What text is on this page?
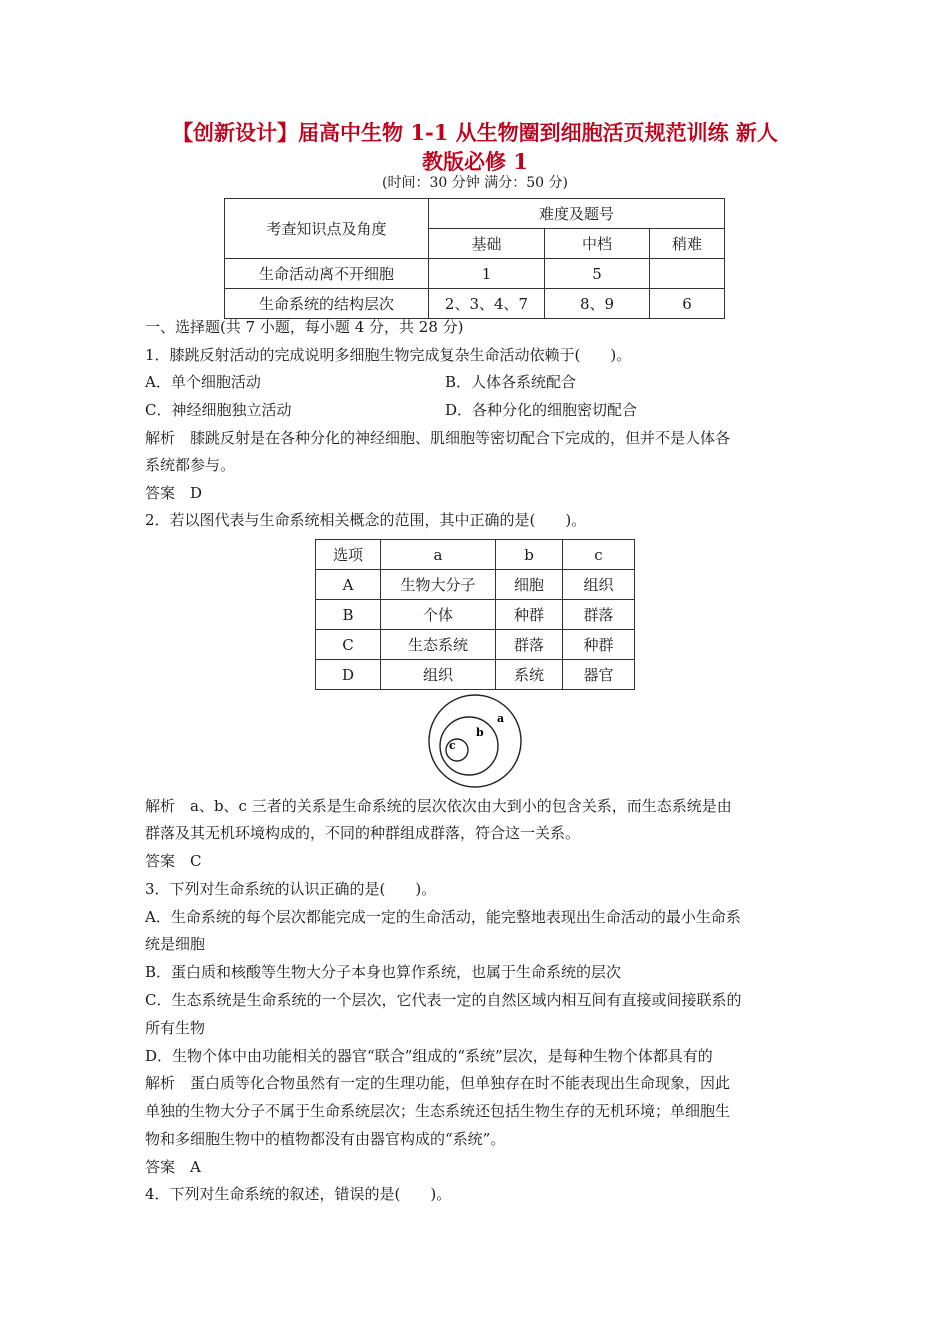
【创新设计】届高中生物 1-1 从生物圈到细胞活页规范训练 新人
教版必修 1
(时间：30 分钟 满分：50 分)
考查知识点及角度	难度及题号		
	基础	中档	稍难
生命活动离不开细胞	1	5	
生命系统的结构层次	2、3、4、7	8、9	6
一、选择题(共 7 小题，每小题 4 分，共 28 分)
1．膝跳反射活动的完成说明多细胞生物完成复杂生命活动依赖于(　　)。
A．单个细胞活动	B．人体各系统配合
C．神经细胞独立活动	D．各种分化的细胞密切配合
解析　膝跳反射是在各种分化的神经细胞、肌细胞等密切配合下完成的，但并不是人体各
系统都参与。
答案　D
2．若以图代表与生命系统相关概念的范围，其中正确的是(　　)。
选项	a	b	c
A	生物大分子	细胞	组织
B	个体	种群	群落
C	生态系统	群落	种群
D	组织	系统	器官
a
b
c
解析　a、b、c 三者的关系是生命系统的层次依次由大到小的包含关系，而生态系统是由
群落及其无机环境构成的，不同的种群组成群落，符合这一关系。
答案　C
3．下列对生命系统的认识正确的是(　　)。
A．生命系统的每个层次都能完成一定的生命活动，能完整地表现出生命活动的最小生命系
统是细胞
B．蛋白质和核酸等生物大分子本身也算作系统，也属于生命系统的层次
C．生态系统是生命系统的一个层次，它代表一定的自然区域内相互间有直接或间接联系的
所有生物
D．生物个体中由功能相关的器官“联合”组成的“系统”层次，是每种生物个体都具有的
解析　蛋白质等化合物虽然有一定的生理功能，但单独存在时不能表现出生命现象，因此
单独的生物大分子不属于生命系统层次；生态系统还包括生物生存的无机环境；单细胞生
物和多细胞生物中的植物都没有由器官构成的“系统”。
答案　A
4．下列对生命系统的叙述，错误的是(　　)。
